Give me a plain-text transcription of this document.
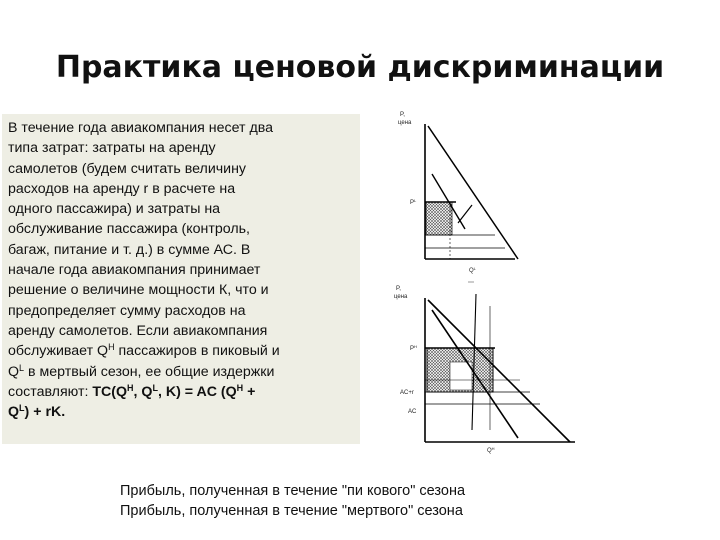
Практика ценовой дискриминации
В течение года авиакомпания несет два
типа затрат: затраты на аренду
самолетов (будем считать величину
расходов на аренду r в расчете на
одного пассажира) и затраты на
обслуживание пассажира (контроль,
багаж, питание и т. д.) в сумме АС. В
начале года авиакомпания принимает
решение о величине мощности К, что и
предопределяет сумму расходов на
аренду самолетов. Если авиакомпания
обслуживает $Q^H$ пассажиров в пиковый и
$Q^L$ в мертвый сезон, ее общие издержки
составляют: $TC(Q^H$, $Q^L$, K) = AC ($Q^H$ +
$Q^L$) + rK.
P,
цена
$P^L$
$Q^L$
P,
цена
$P^H$
AC+r
AC
$Q^H$
Прибыль, полученная в течение "пи кового" сезона
Прибыль, полученная в течение "мертвого" сезона
